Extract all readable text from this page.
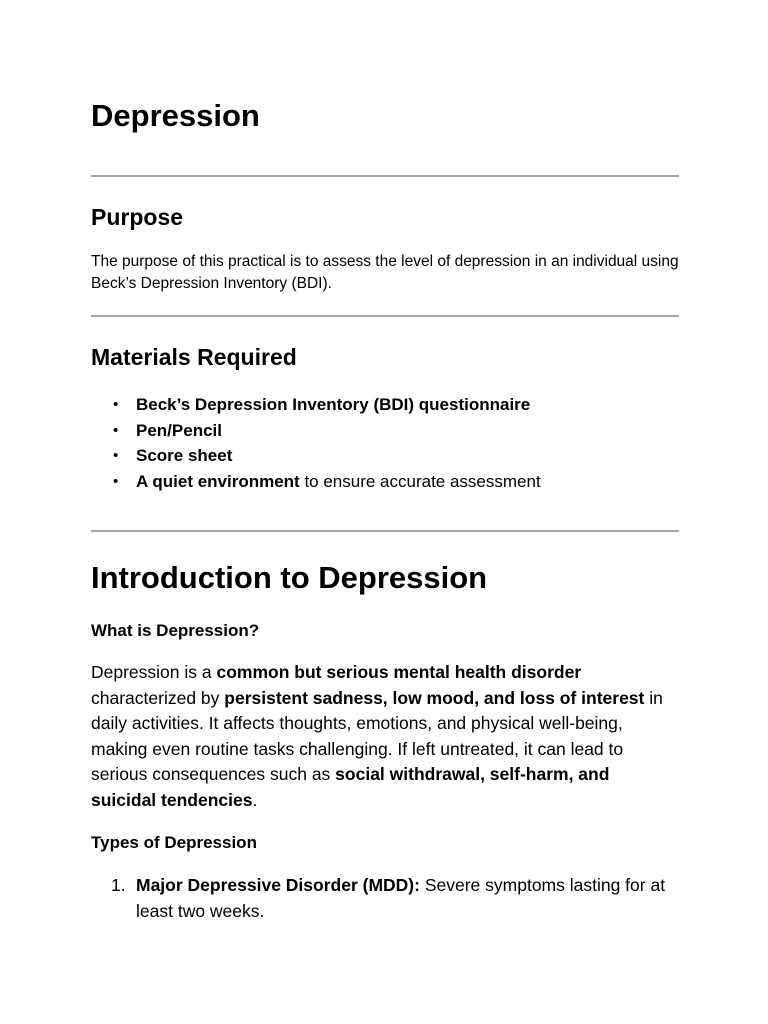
Depression
Purpose

The purpose of this practical is to assess the level of depression in an individual using Beck’s Depression Inventory (BDI).

Materials Required
• Beck’s Depression Inventory (BDI) questionnaire
• Pen/Pencil
• Score sheet
• A quiet environment to ensure accurate assessment
Introduction to Depression
What is Depression?

Depression is a common but serious mental health disorder characterized by persistent sadness, low mood, and loss of interest in daily activities. It affects thoughts, emotions, and physical well-being, making even routine tasks challenging. If left untreated, it can lead to serious consequences such as social withdrawal, self-harm, and suicidal tendencies.

Types of Depression
1. Major Depressive Disorder (MDD): Severe symptoms lasting for at least two weeks.
